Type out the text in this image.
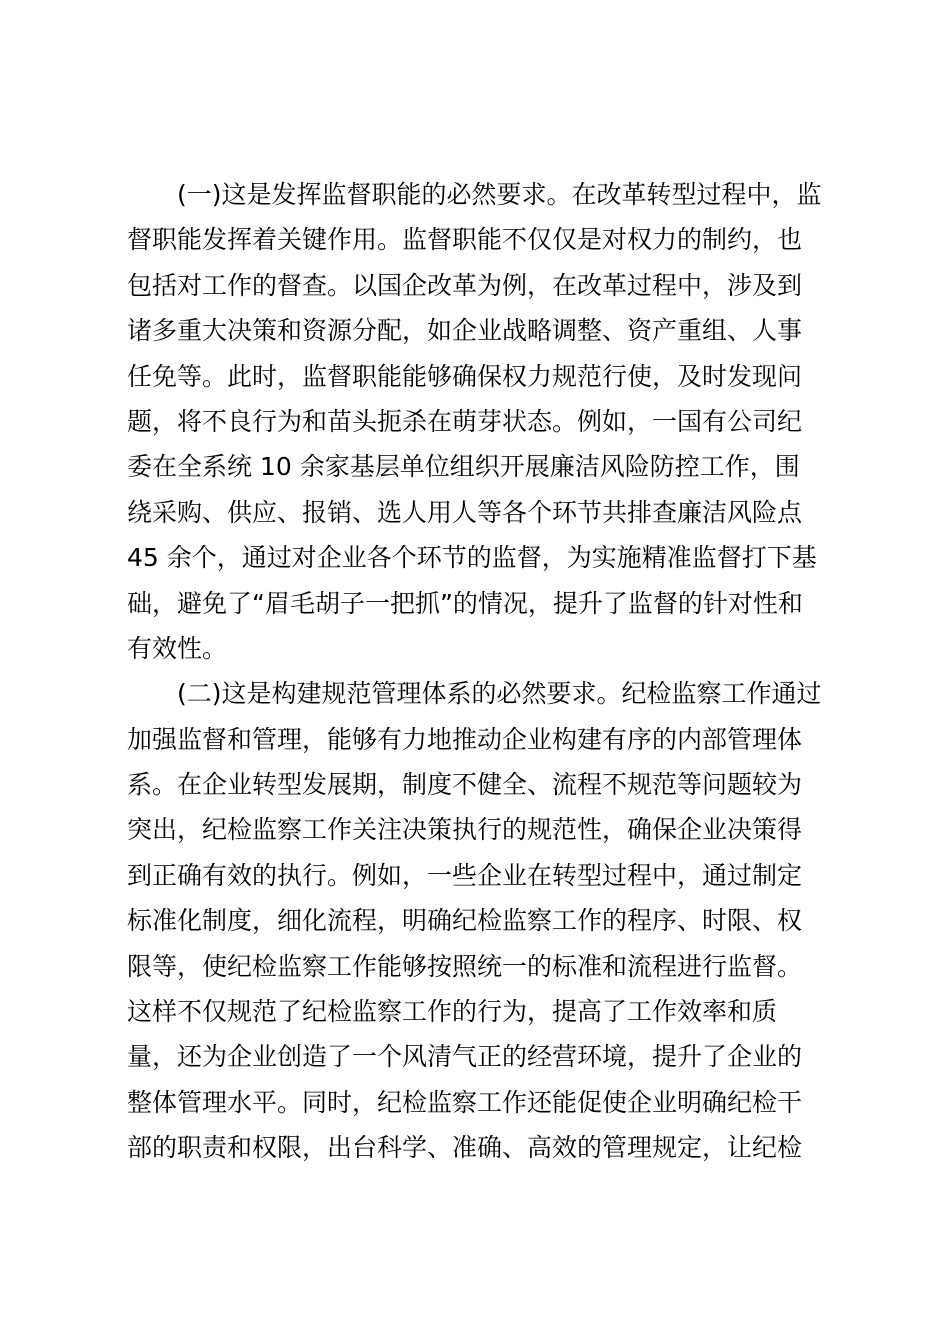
(一)这是发挥监督职能的必然要求。在改革转型过程中，监
督职能发挥着关键作用。监督职能不仅仅是对权力的制约，也
包括对工作的督查。以国企改革为例，在改革过程中，涉及到
诸多重大决策和资源分配，如企业战略调整、资产重组、人事
任免等。此时，监督职能能够确保权力规范行使，及时发现问
题，将不良行为和苗头扼杀在萌芽状态。例如，一国有公司纪
委在全系统 10 余家基层单位组织开展廉洁风险防控工作，围
绕采购、供应、报销、选人用人等各个环节共排查廉洁风险点
45 余个，通过对企业各个环节的监督，为实施精准监督打下基
础，避免了“眉毛胡子一把抓”的情况，提升了监督的针对性和
有效性。
(二)这是构建规范管理体系的必然要求。纪检监察工作通过
加强监督和管理，能够有力地推动企业构建有序的内部管理体
系。在企业转型发展期，制度不健全、流程不规范等问题较为
突出，纪检监察工作关注决策执行的规范性，确保企业决策得
到正确有效的执行。例如，一些企业在转型过程中，通过制定
标准化制度，细化流程，明确纪检监察工作的程序、时限、权
限等，使纪检监察工作能够按照统一的标准和流程进行监督。
这样不仅规范了纪检监察工作的行为，提高了工作效率和质
量，还为企业创造了一个风清气正的经营环境，提升了企业的
整体管理水平。同时，纪检监察工作还能促使企业明确纪检干
部的职责和权限，出台科学、准确、高效的管理规定，让纪检
